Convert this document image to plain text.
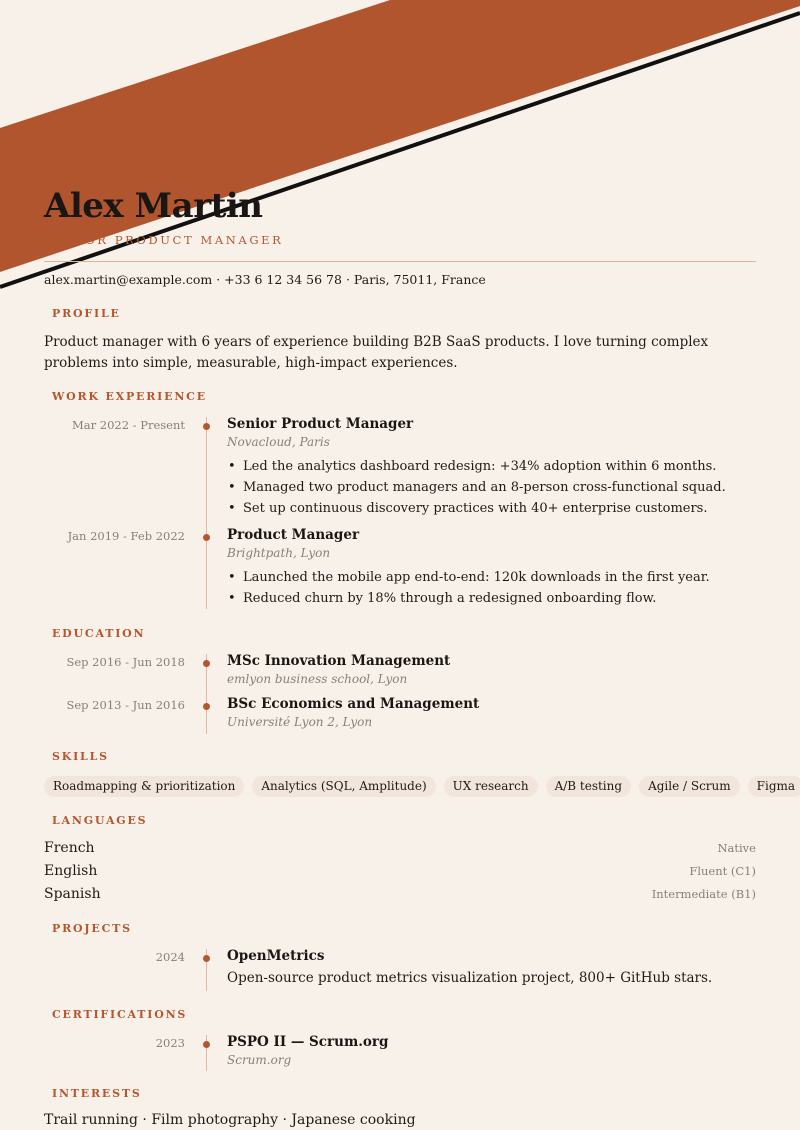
Alex Martin
SENIOR PRODUCT MANAGER
alex.martin@example.com · +33 6 12 34 56 78 · Paris, 75011, France
PROFILE
Product manager with 6 years of experience building B2B SaaS products. I love turning complex problems into simple, measurable, high-impact experiences.
WORK EXPERIENCE
Mar 2022 - Present	Senior Product Manager
Novacloud, Paris
• Led the analytics dashboard redesign: +34% adoption within 6 months.
• Managed two product managers and an 8-person cross-functional squad.
• Set up continuous discovery practices with 40+ enterprise customers.
Jan 2019 - Feb 2022	Product Manager
Brightpath, Lyon
• Launched the mobile app end-to-end: 120k downloads in the first year.
• Reduced churn by 18% through a redesigned onboarding flow.
EDUCATION
Sep 2016 - Jun 2018	MSc Innovation Management
emlyon business school, Lyon
Sep 2013 - Jun 2016	BSc Economics and Management
Université Lyon 2, Lyon
SKILLS
Roadmapping & prioritization	Analytics (SQL, Amplitude)	UX research	A/B testing	Agile / Scrum	Figma
LANGUAGES
French	Native
English	Fluent (C1)
Spanish	Intermediate (B1)
PROJECTS
2024	OpenMetrics
Open-source product metrics visualization project, 800+ GitHub stars.
CERTIFICATIONS
2023	PSPO II — Scrum.org
Scrum.org
INTERESTS
Trail running · Film photography · Japanese cooking
